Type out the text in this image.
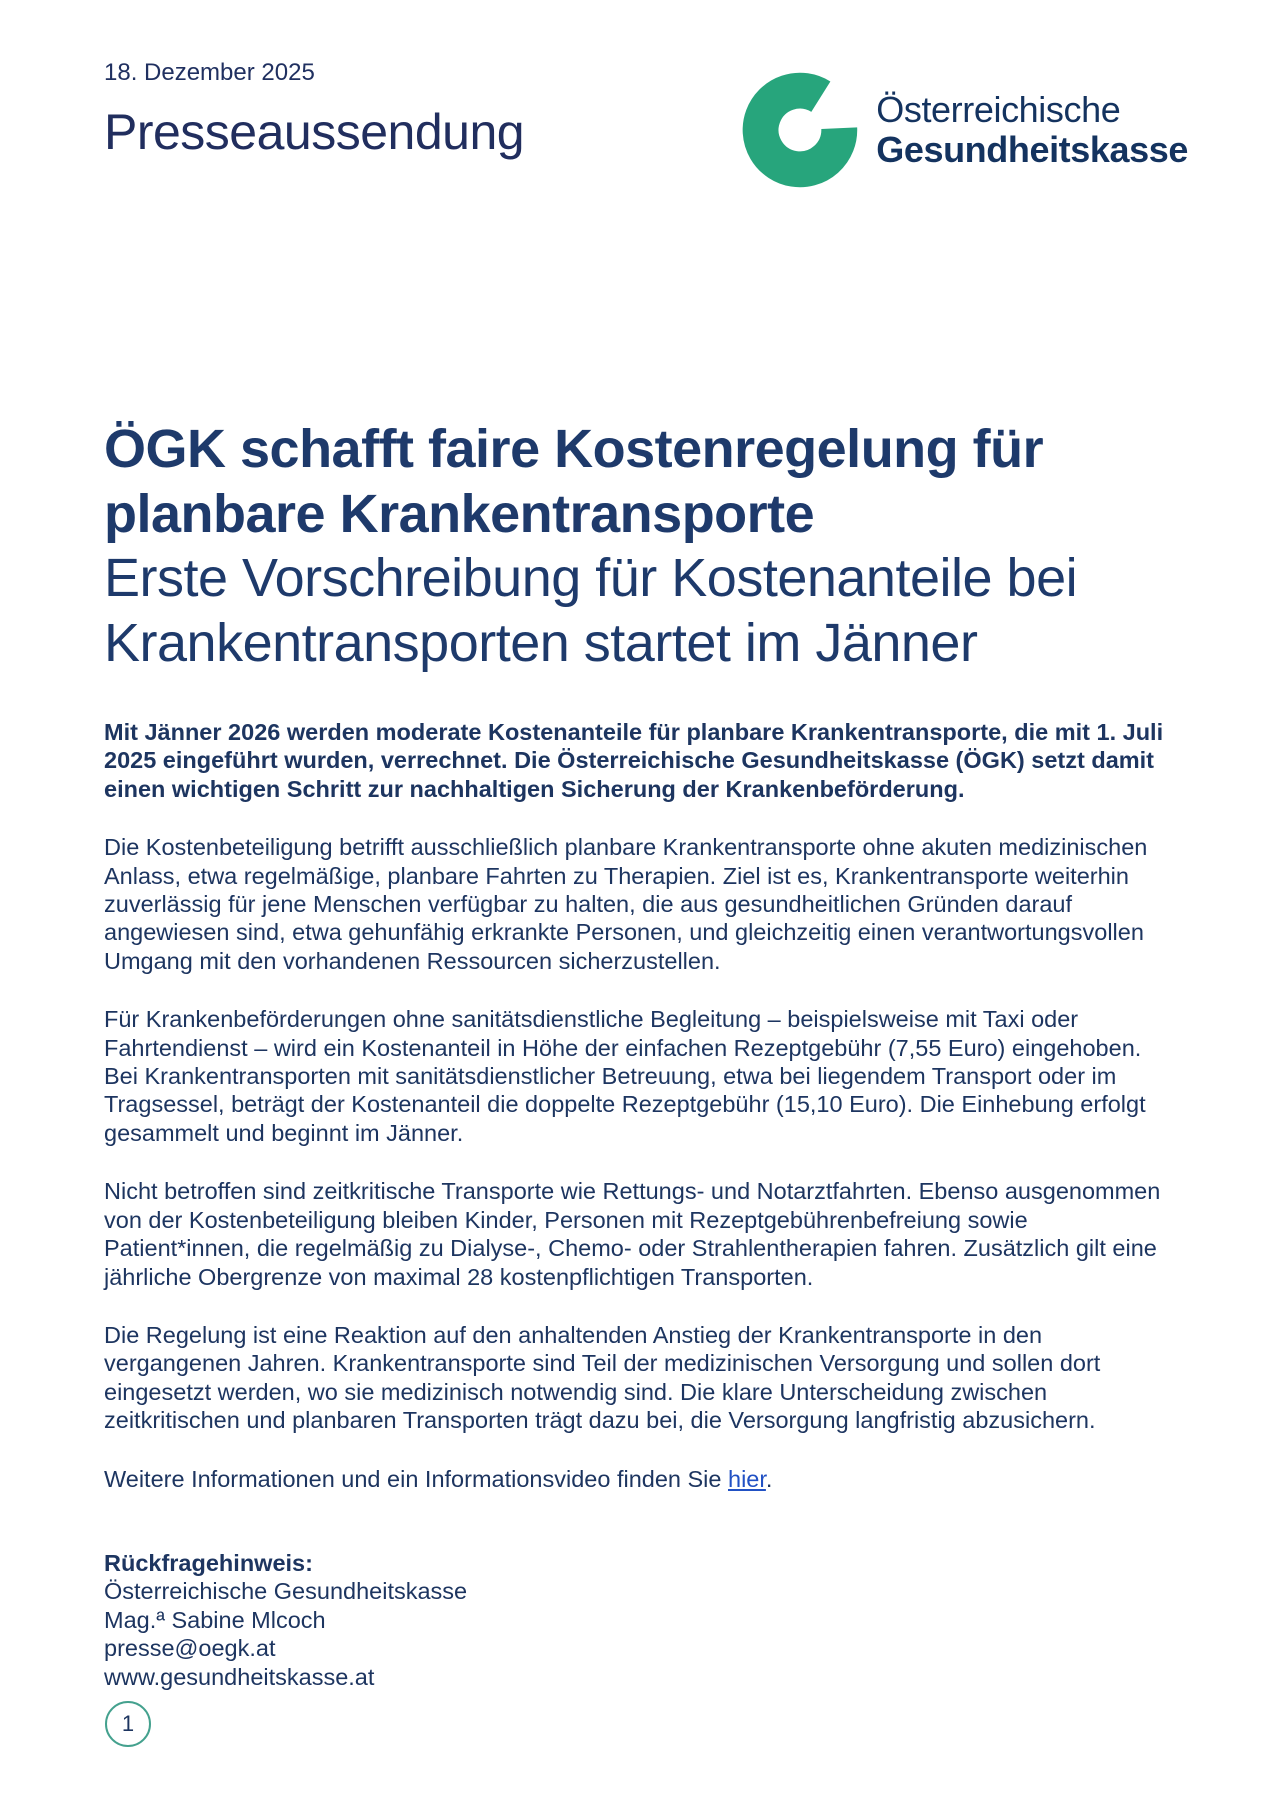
18. Dezember 2025
Presseaussendung	Österreichische
Gesundheitskasse
ÖGK schafft faire Kostenregelung für planbare Krankentransporte
Erste Vorschreibung für Kostenanteile bei Krankentransporten startet im Jänner

Mit Jänner 2026 werden moderate Kostenanteile für planbare Krankentransporte, die mit 1. Juli 2025 eingeführt wurden, verrechnet. Die Österreichische Gesundheitskasse (ÖGK) setzt damit einen wichtigen Schritt zur nachhaltigen Sicherung der Krankenbeförderung.

Die Kostenbeteiligung betrifft ausschließlich planbare Krankentransporte ohne akuten medizinischen Anlass, etwa regelmäßige, planbare Fahrten zu Therapien. Ziel ist es, Krankentransporte weiterhin zuverlässig für jene Menschen verfügbar zu halten, die aus gesundheitlichen Gründen darauf angewiesen sind, etwa gehunfähig erkrankte Personen, und gleichzeitig einen verantwortungsvollen Umgang mit den vorhandenen Ressourcen sicherzustellen.

Für Krankenbeförderungen ohne sanitätsdienstliche Begleitung – beispielsweise mit Taxi oder Fahrtendienst – wird ein Kostenanteil in Höhe der einfachen Rezeptgebühr (7,55 Euro) eingehoben. Bei Krankentransporten mit sanitätsdienstlicher Betreuung, etwa bei liegendem Transport oder im Tragsessel, beträgt der Kostenanteil die doppelte Rezeptgebühr (15,10 Euro). Die Einhebung erfolgt gesammelt und beginnt im Jänner.

Nicht betroffen sind zeitkritische Transporte wie Rettungs- und Notarztfahrten. Ebenso ausgenommen von der Kostenbeteiligung bleiben Kinder, Personen mit Rezeptgebührenbefreiung sowie Patient*innen, die regelmäßig zu Dialyse-, Chemo- oder Strahlentherapien fahren. Zusätzlich gilt eine jährliche Obergrenze von maximal 28 kostenpflichtigen Transporten.

Die Regelung ist eine Reaktion auf den anhaltenden Anstieg der Krankentransporte in den vergangenen Jahren. Krankentransporte sind Teil der medizinischen Versorgung und sollen dort eingesetzt werden, wo sie medizinisch notwendig sind. Die klare Unterscheidung zwischen zeitkritischen und planbaren Transporten trägt dazu bei, die Versorgung langfristig abzusichern.

Weitere Informationen und ein Informationsvideo finden Sie hier.

Rückfragehinweis:
Österreichische Gesundheitskasse
Mag.ª Sabine Mlcoch
presse@oegk.at
www.gesundheitskasse.at
1
